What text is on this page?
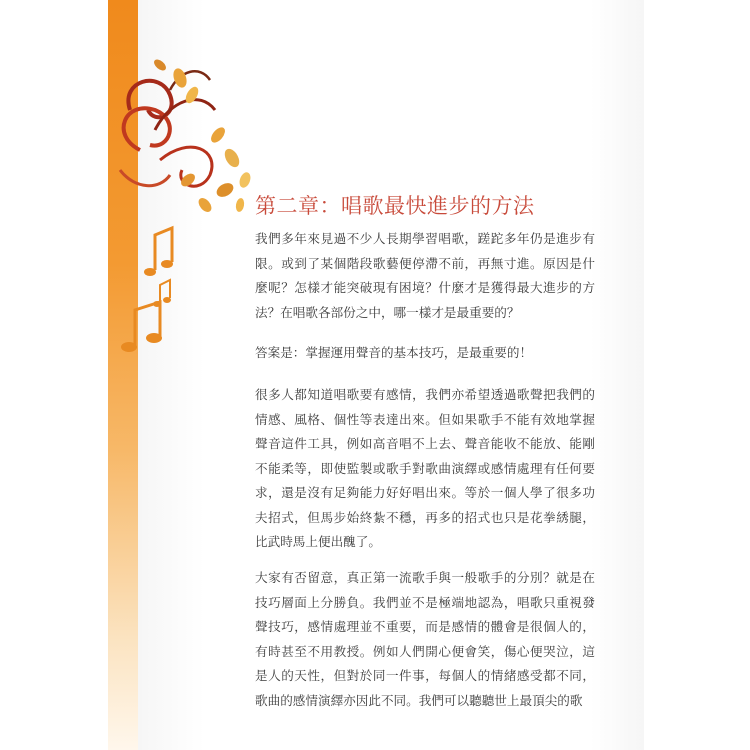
第二章：唱歌最快進步的方法

我們多年來見過不少人長期學習唱歌，蹉跎多年仍是進步有限。或到了某個階段歌藝便停滯不前，再無寸進。原因是什麼呢？怎樣才能突破現有困境？什麼才是獲得最大進步的方法？在唱歌各部份之中，哪一樣才是最重要的？

答案是：掌握運用聲音的基本技巧，是最重要的！

很多人都知道唱歌要有感情，我們亦希望透過歌聲把我們的情感、風格、個性等表達出來。但如果歌手不能有效地掌握聲音這件工具，例如高音唱不上去、聲音能收不能放、能剛不能柔等，即使監製或歌手對歌曲演繹或感情處理有任何要求，還是沒有足夠能力好好唱出來。等於一個人學了很多功夫招式，但馬步始終紮不穩，再多的招式也只是花拳綉腿，比武時馬上便出醜了。

大家有否留意，真正第一流歌手與一般歌手的分別？就是在技巧層面上分勝負。我們並不是極端地認為，唱歌只重視發聲技巧，感情處理並不重要，而是感情的體會是很個人的，有時甚至不用教授。例如人們開心便會笑，傷心便哭泣，這是人的天性，但對於同一件事，每個人的情緒感受都不同，歌曲的感情演繹亦因此不同。我們可以聽聽世上最頂尖的歌
